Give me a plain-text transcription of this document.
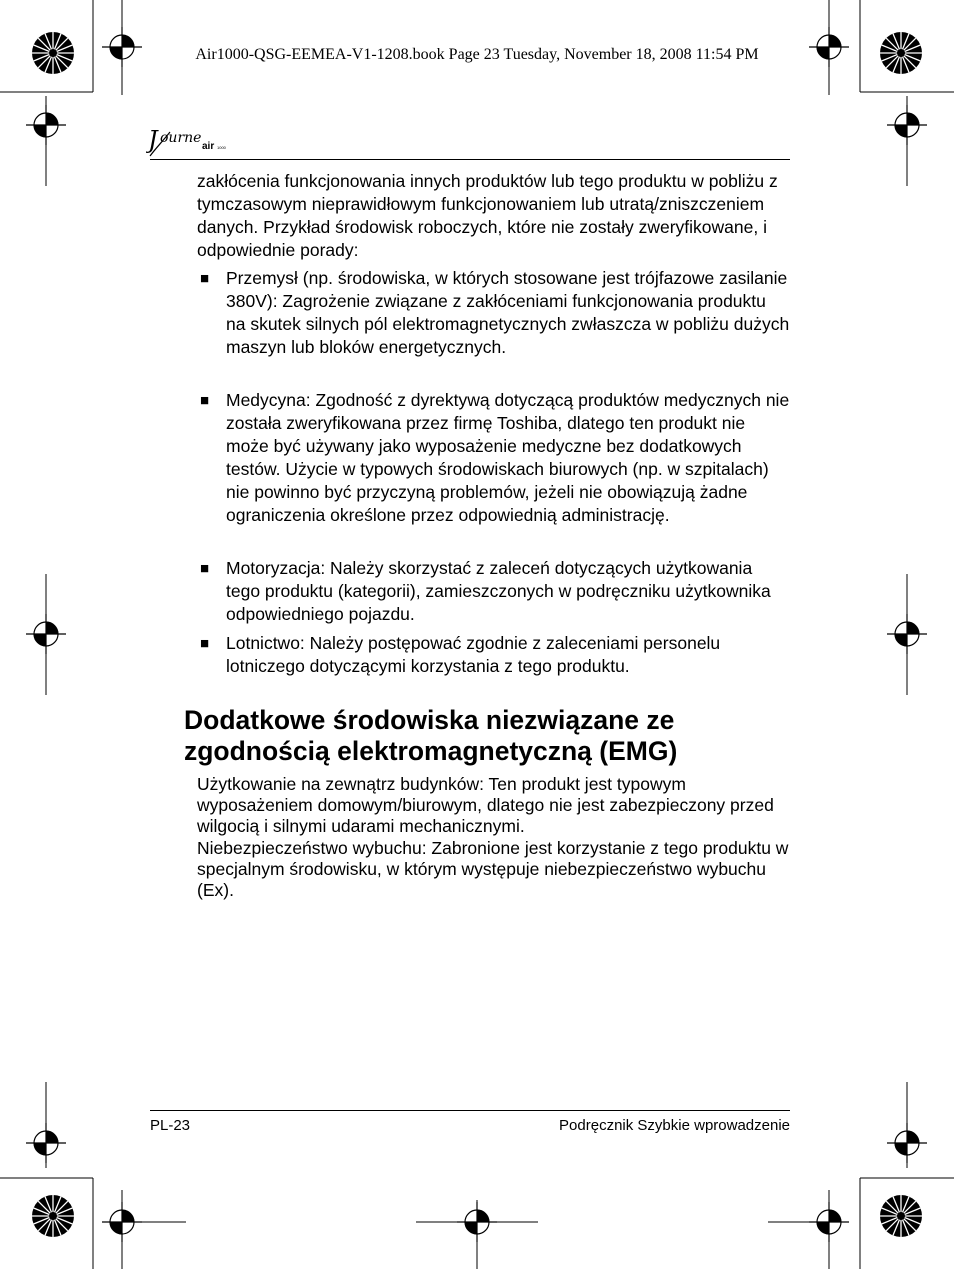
Air1000-QSG-EEMEA-V1-1208.book Page 23 Tuesday, November 18, 2008 11:54 PM
J ourne
air 1000
zakłócenia funkcjonowania innych produktów lub tego produktu w pobliżu z tymczasowym nieprawidłowym funkcjonowaniem lub utratą/zniszczeniem danych. Przykład środowisk roboczych, które nie zostały zweryfikowane, i odpowiednie porady:
■ Przemysł (np. środowiska, w których stosowane jest trójfazowe zasilanie 380V): Zagrożenie związane z zakłóceniami funkcjonowania produktu na skutek silnych pól elektromagnetycznych zwłaszcza w pobliżu dużych maszyn lub bloków energetycznych.
■ Medycyna: Zgodność z dyrektywą dotyczącą produktów medycznych nie została zweryfikowana przez firmę Toshiba, dlatego ten produkt nie może być używany jako wyposażenie medyczne bez dodatkowych testów. Użycie w typowych środowiskach biurowych (np. w szpitalach) nie powinno być przyczyną problemów, jeżeli nie obowiązują żadne ograniczenia określone przez odpowiednią administrację.
■ Motoryzacja: Należy skorzystać z zaleceń dotyczących użytkowania tego produktu (kategorii), zamieszczonych w podręczniku użytkownika odpowiedniego pojazdu.
■ Lotnictwo: Należy postępować zgodnie z zaleceniami personelu lotniczego dotyczącymi korzystania z tego produktu.
Dodatkowe środowiska niezwiązane ze zgodnością elektromagnetyczną (EMG)
Użytkowanie na zewnątrz budynków: Ten produkt jest typowym wyposażeniem domowym/biurowym, dlatego nie jest zabezpieczony przed wilgocią i silnymi udarami mechanicznymi.
Niebezpieczeństwo wybuchu: Zabronione jest korzystanie z tego produktu w specjalnym środowisku, w którym występuje niebezpieczeństwo wybuchu (Ex).
PL-23	Podręcznik Szybkie wprowadzenie
